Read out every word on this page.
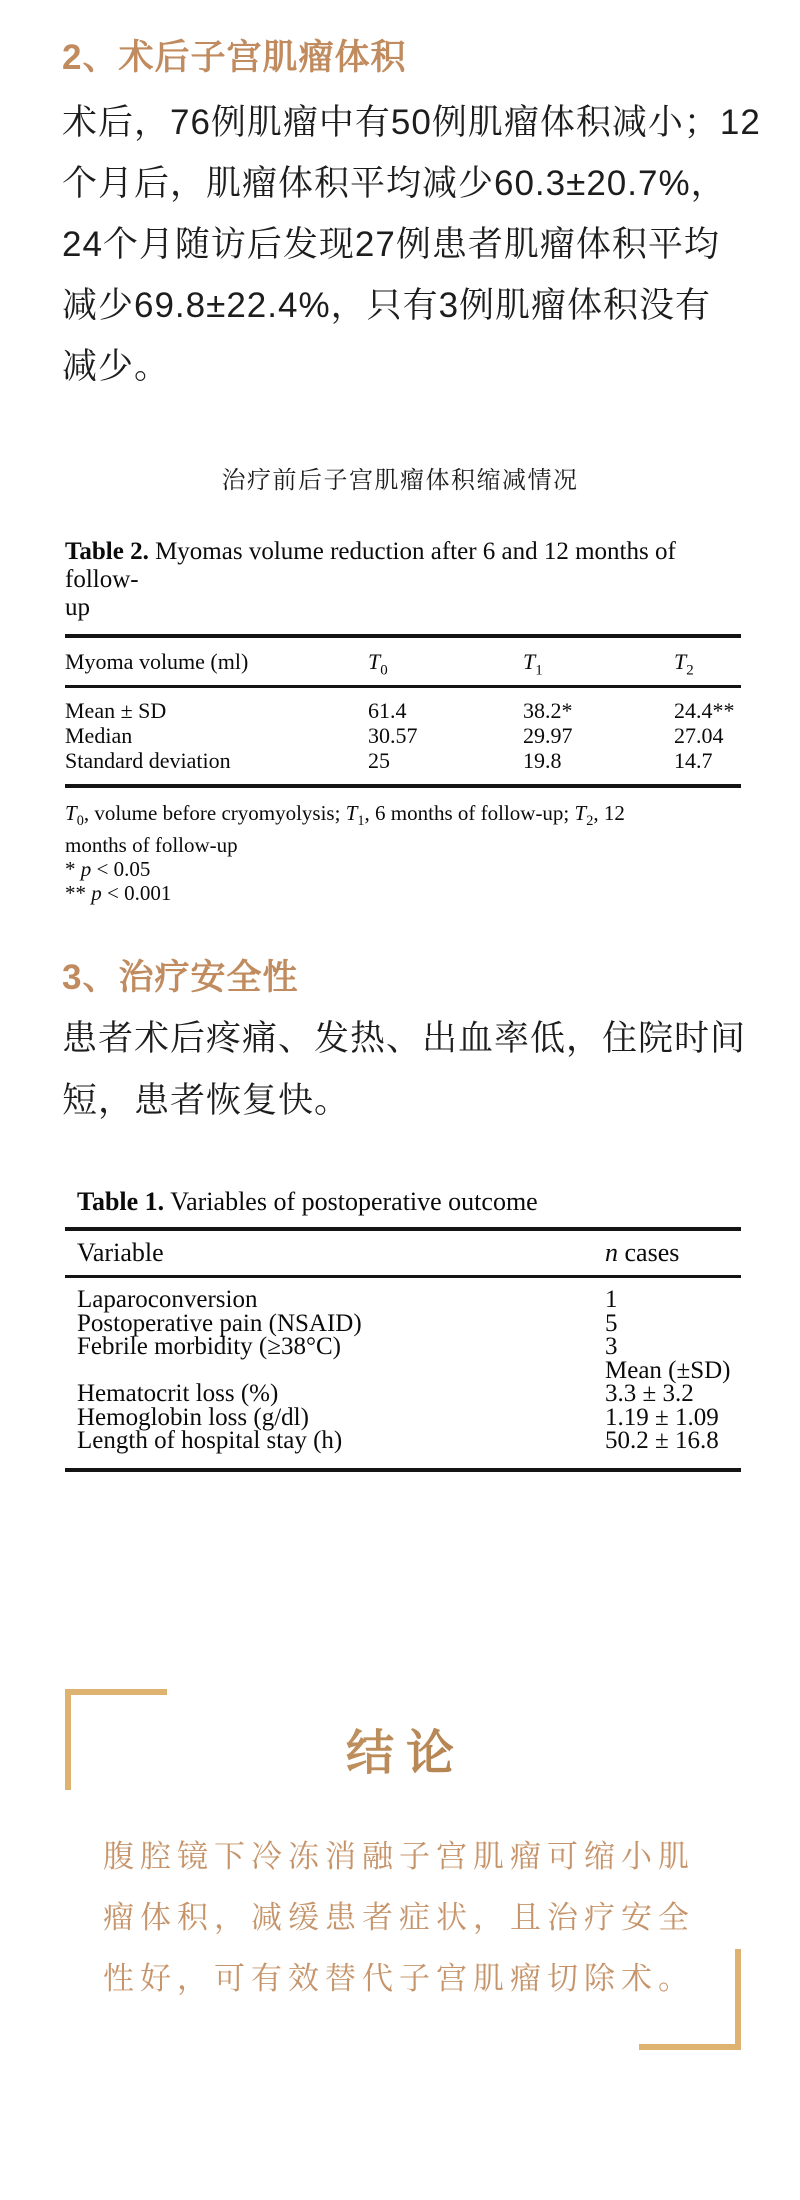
2、术后子宫肌瘤体积
术后，76例肌瘤中有50例肌瘤体积减小；12
个月后，肌瘤体积平均减少60.3±20.7%，
24个月随访后发现27例患者肌瘤体积平均
减少69.8±22.4%，只有3例肌瘤体积没有
减少。
治疗前后子宫肌瘤体积缩减情况
Table 2. Myomas volume reduction after 6 and 12 months of follow-
up
Myoma volume (ml)	$T_0$	$T_1$	$T_2$
Mean ± SD	61.4	38.2*	24.4**
Median	30.57	29.97	27.04
Standard deviation	25	19.8	14.7
$T_0$, volume before cryomyolysis; $T_1$, 6 months of follow-up; $T_2$, 12
months of follow-up
* p < 0.05
** p < 0.001
3、治疗安全性
患者术后疼痛、发热、出血率低，住院时间
短，患者恢复快。
Table 1. Variables of postoperative outcome
Variable	n cases
Laparoconversion	1
Postoperative pain (NSAID)	5
Febrile morbidity (≥38°C)	3
Mean (±SD)
Hematocrit loss (%)	3.3 ± 3.2
Hemoglobin loss (g/dl)	1.19 ± 1.09
Length of hospital stay (h)	50.2 ± 16.8
结 论
腹腔镜下冷冻消融子宫肌瘤可缩小肌
瘤体积，减缓患者症状，且治疗安全
性好，可有效替代子宫肌瘤切除术。
